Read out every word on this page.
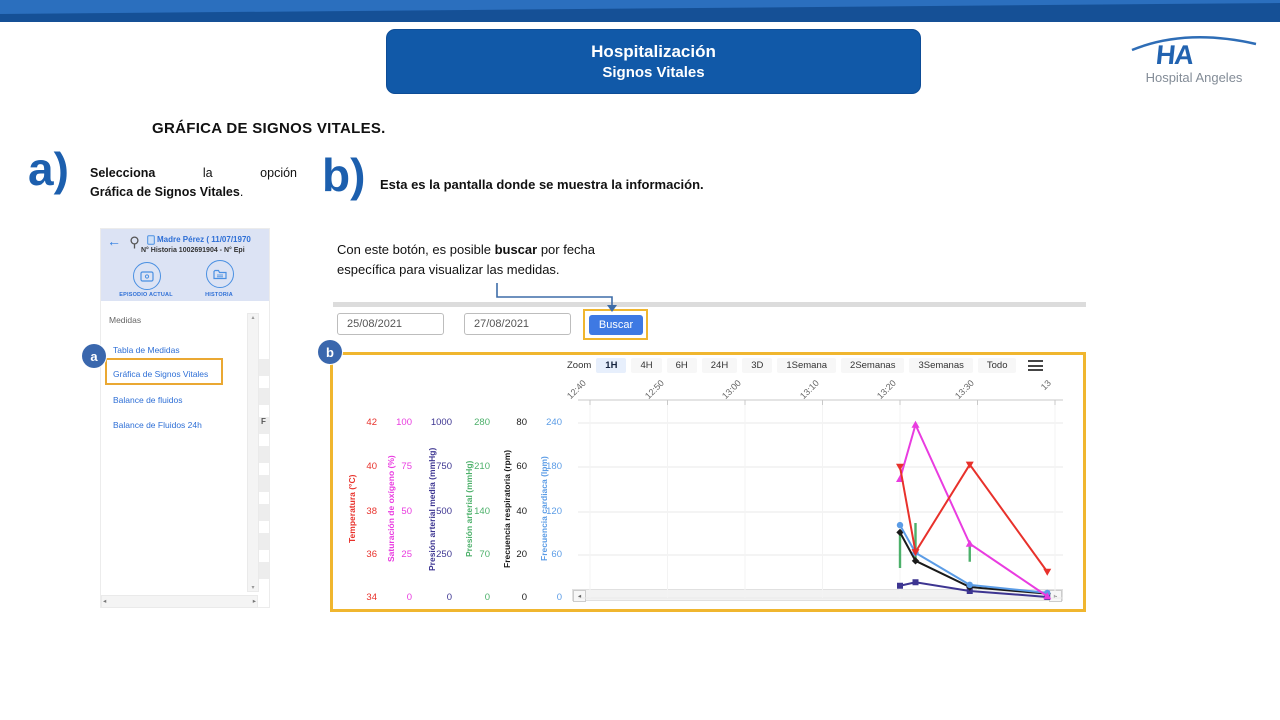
Hospitalización
Signos Vitales
HA
Hospital Angeles
GRÁFICA DE SIGNOS VITALES.
a) Selecciona la opción
Gráfica de Signos Vitales.	b) Esta es la pantalla donde se muestra la información.
Con este botón, es posible buscar por fecha
específica para visualizar las medidas.
←	Madre Pérez ( 11/07/1970
N° Historia 1002691904 - N° Epi
EPISODIO ACTUAL	HISTORIA
Medidas
Tabla de Medidas
Gráfica de Signos Vitales
Balance de fluidos
Balance de Fluidos 24h
▴
▾
◂	▸
F
a	b
25/08/2021	27/08/2021	Buscar
Zoom	1H	4H	6H	24H	3D	1Semana	2Semanas	3Semanas	Todo
42
40
38
36
34
Temperatura (°C)
100
75
50
25
0
Saturación de oxígeno (%)
1000
750
500
250
0
Presión arterial media (mmHg)
280
210
140
70
0
Presión arterial (mmHg)
80
60
40
20
0
Frecuencia respiratoria (rpm)
240
180
120
60
0
Frecuencia cardiaca (lpm)
12:40	12:50	13:00	13:10	13:20	13:30	13
◂	▸
